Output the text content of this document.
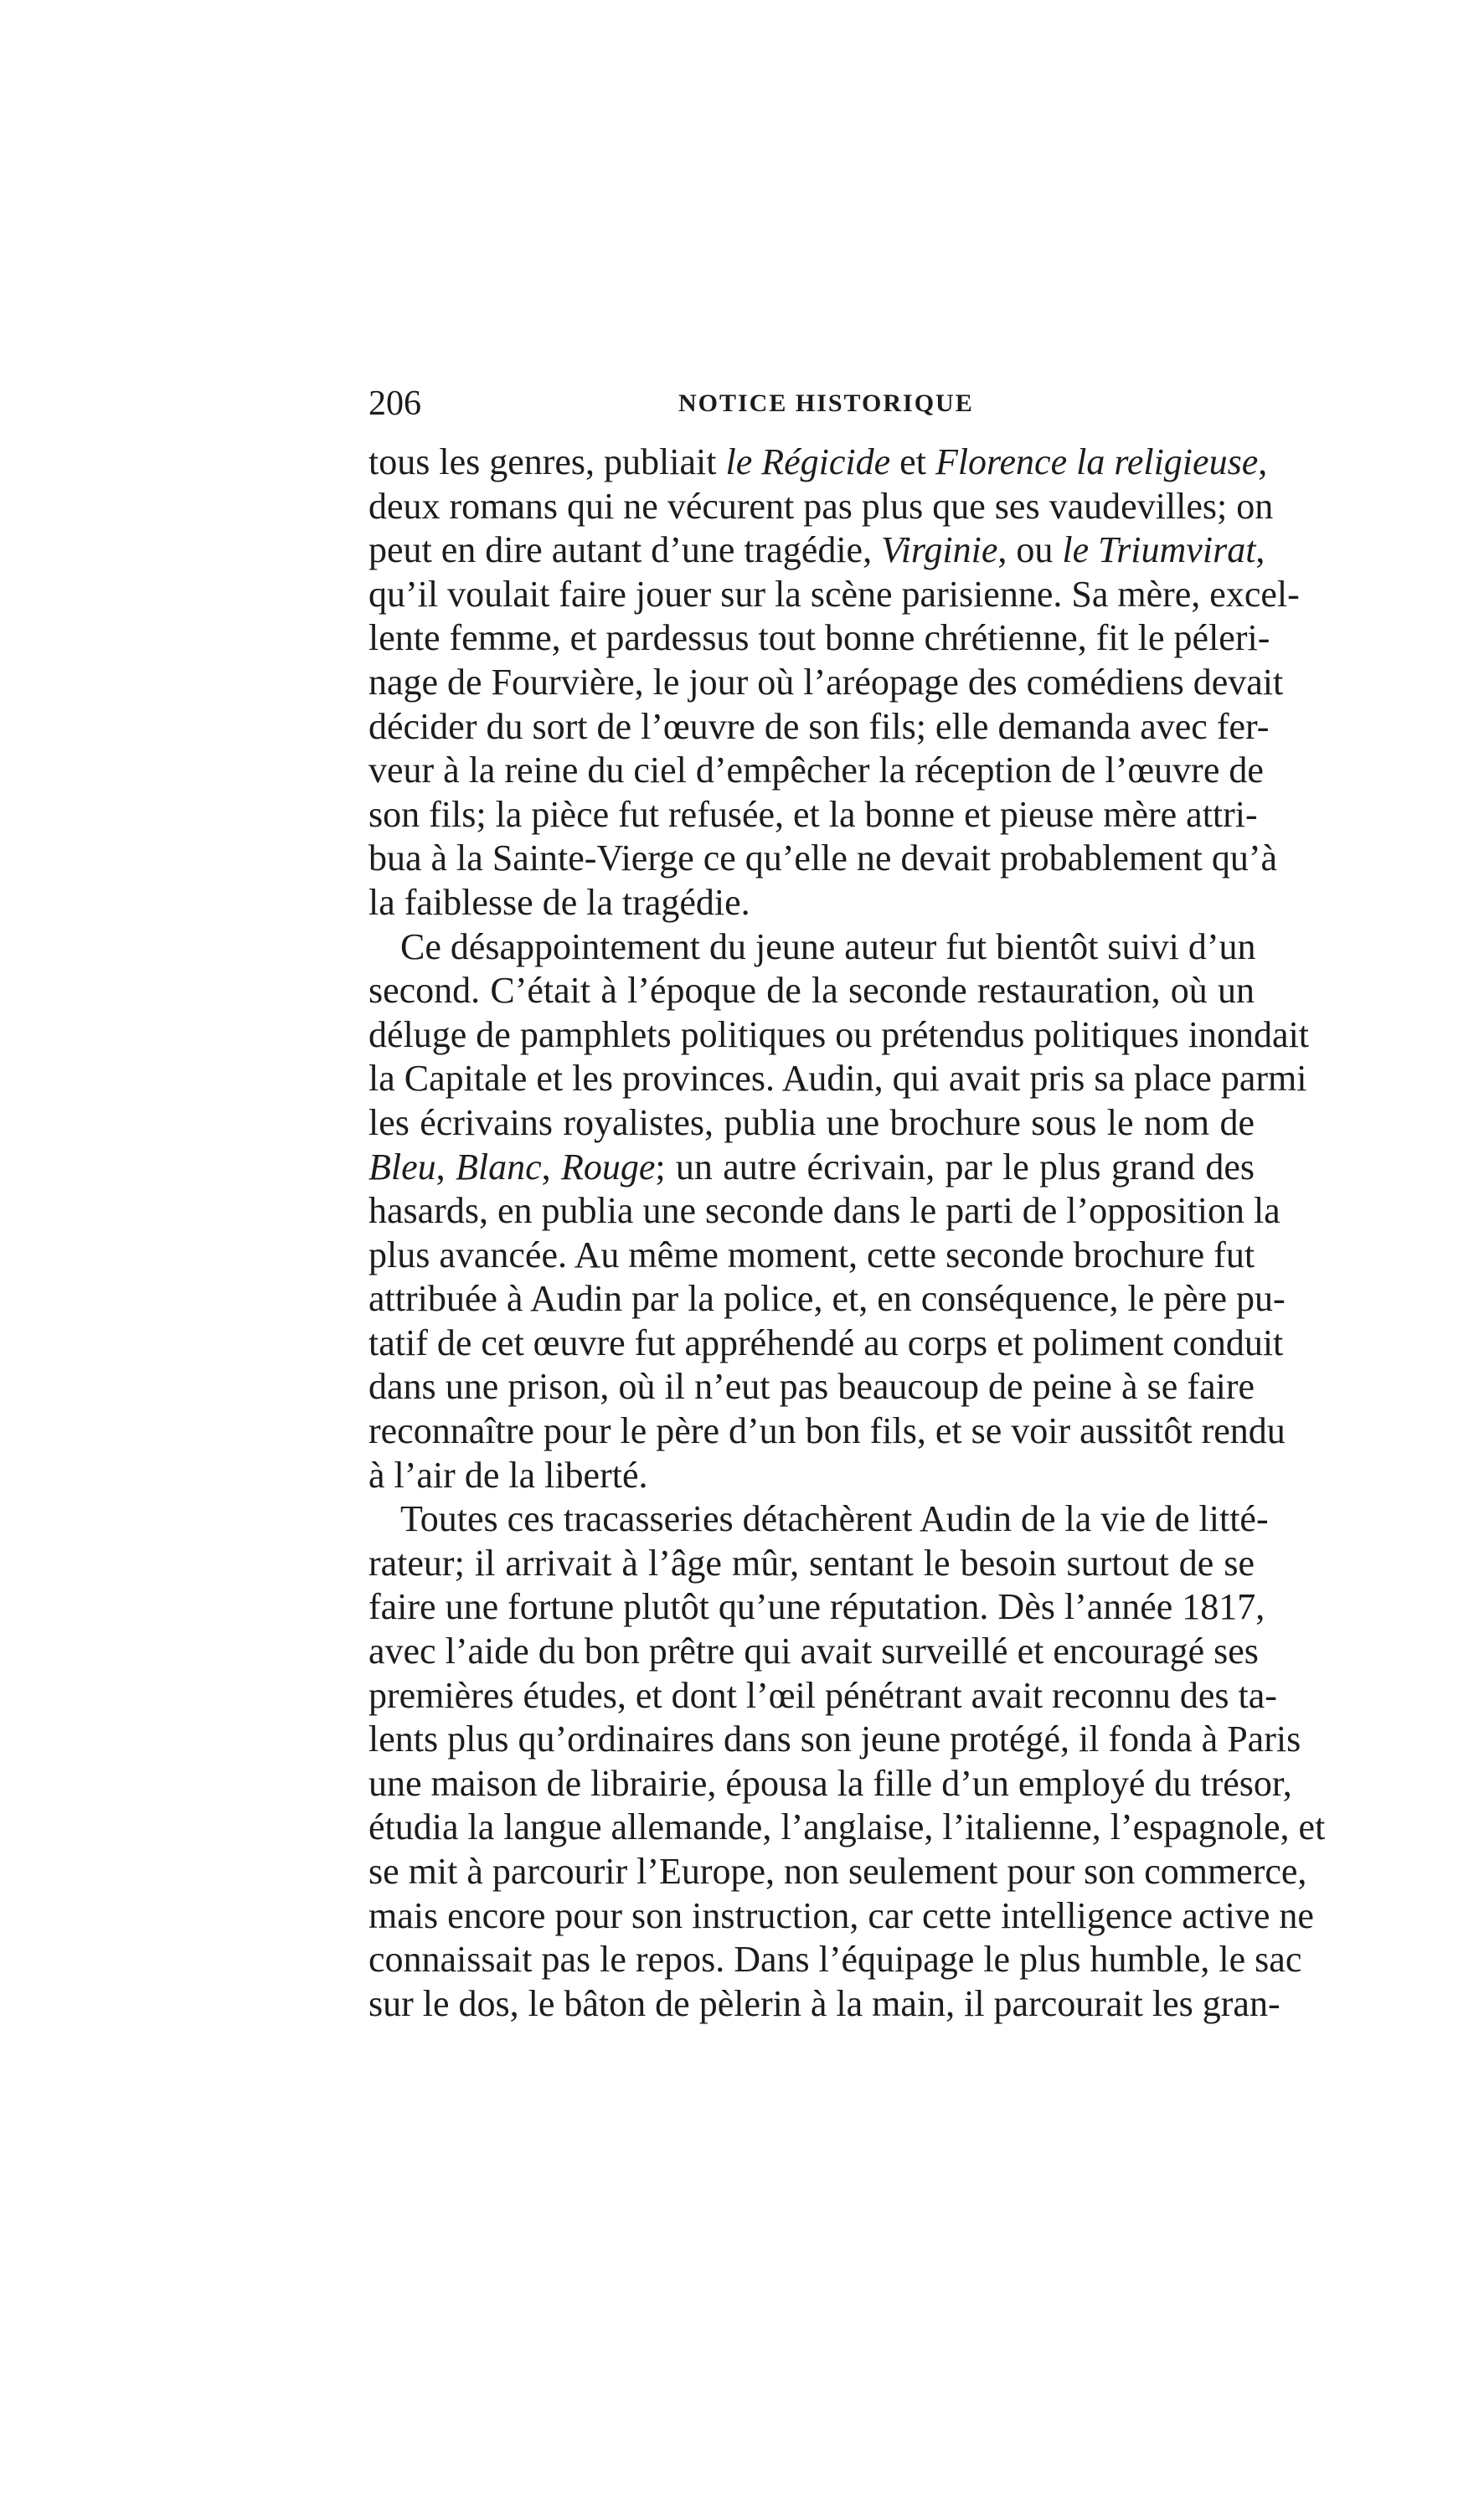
206	NOTICE HISTORIQUE
tous les genres, publiait le Régicide et Florence la religieuse,
deux romans qui ne vécurent pas plus que ses vaudevilles; on
peut en dire autant d’une tragédie, Virginie, ou le Triumvirat,
qu’il voulait faire jouer sur la scène parisienne. Sa mère, excel-
lente femme, et pardessus tout bonne chrétienne, fit le péleri-
nage de Fourvière, le jour où l’aréopage des comédiens devait
décider du sort de l’œuvre de son fils; elle demanda avec fer-
veur à la reine du ciel d’empêcher la réception de l’œuvre de
son fils; la pièce fut refusée, et la bonne et pieuse mère attri-
bua à la Sainte-Vierge ce qu’elle ne devait probablement qu’à
la faiblesse de la tragédie.
Ce désappointement du jeune auteur fut bientôt suivi d’un
second. C’était à l’époque de la seconde restauration, où un
déluge de pamphlets politiques ou prétendus politiques inondait
la Capitale et les provinces. Audin, qui avait pris sa place parmi
les écrivains royalistes, publia une brochure sous le nom de
Bleu, Blanc, Rouge; un autre écrivain, par le plus grand des
hasards, en publia une seconde dans le parti de l’opposition la
plus avancée. Au même moment, cette seconde brochure fut
attribuée à Audin par la police, et, en conséquence, le père pu-
tatif de cet œuvre fut appréhendé au corps et poliment conduit
dans une prison, où il n’eut pas beaucoup de peine à se faire
reconnaître pour le père d’un bon fils, et se voir aussitôt rendu
à l’air de la liberté.
Toutes ces tracasseries détachèrent Audin de la vie de litté-
rateur; il arrivait à l’âge mûr, sentant le besoin surtout de se
faire une fortune plutôt qu’une réputation. Dès l’année 1817,
avec l’aide du bon prêtre qui avait surveillé et encouragé ses
premières études, et dont l’œil pénétrant avait reconnu des ta-
lents plus qu’ordinaires dans son jeune protégé, il fonda à Paris
une maison de librairie, épousa la fille d’un employé du trésor,
étudia la langue allemande, l’anglaise, l’italienne, l’espagnole, et
se mit à parcourir l’Europe, non seulement pour son commerce,
mais encore pour son instruction, car cette intelligence active ne
connaissait pas le repos. Dans l’équipage le plus humble, le sac
sur le dos, le bâton de pèlerin à la main, il parcourait les gran-
